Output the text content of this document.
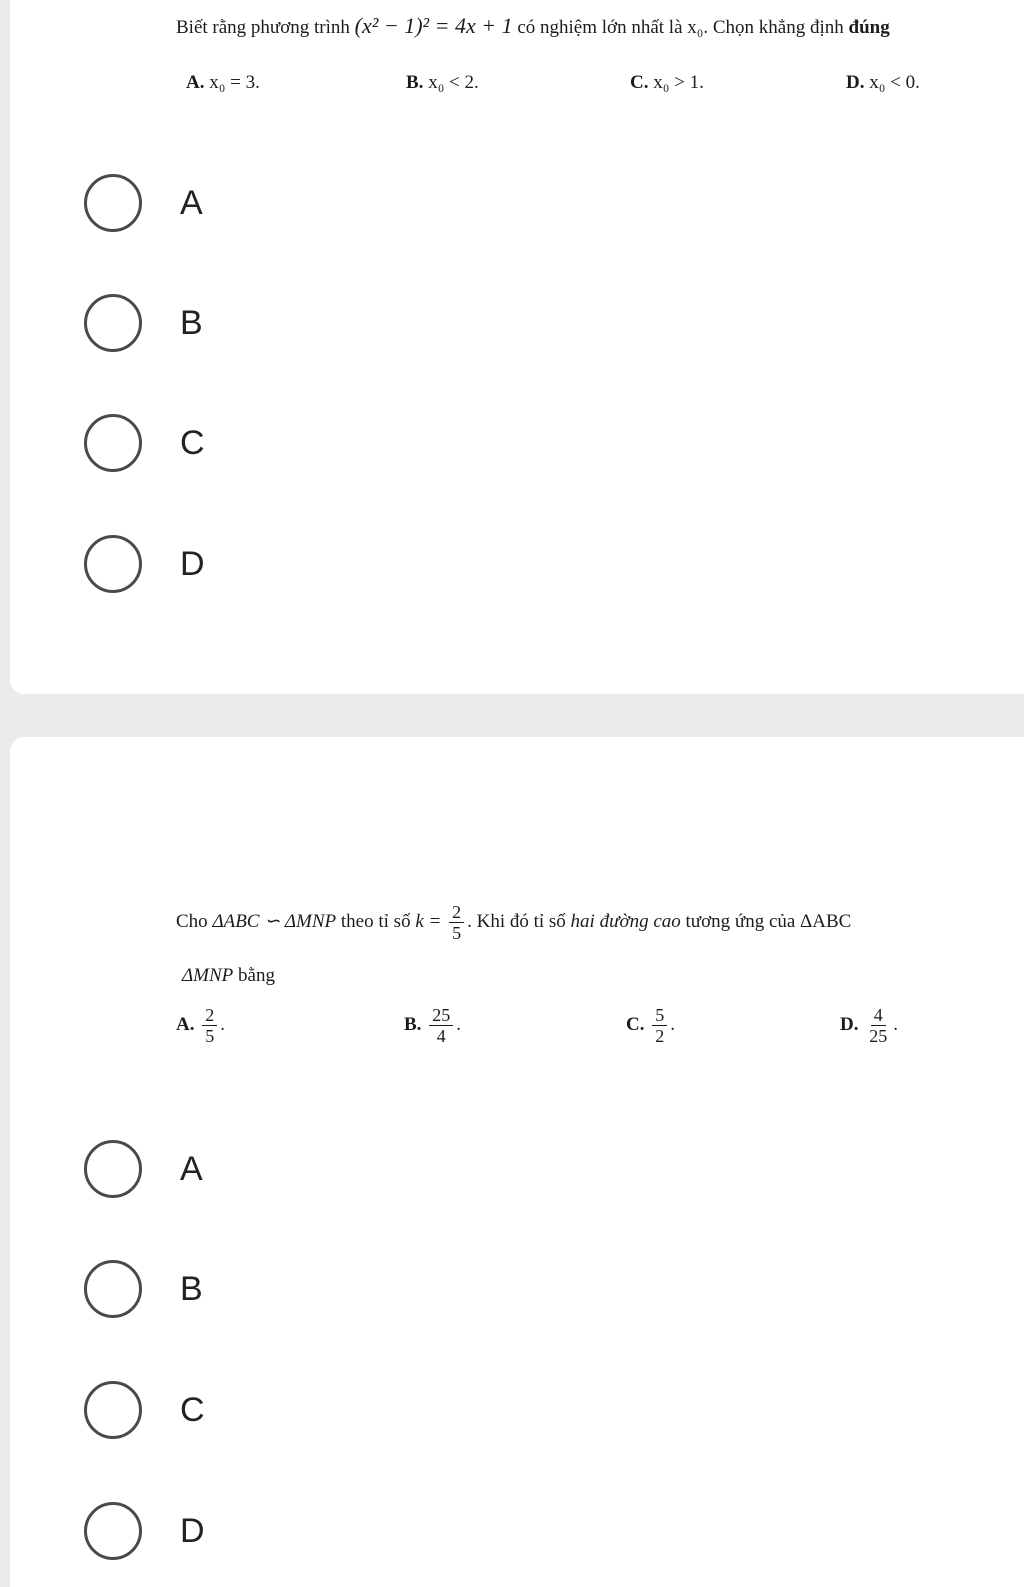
Biết rằng phương trình (x² − 1)² = 4x + 1 có nghiệm lớn nhất là x₀. Chọn khẳng định đúng
A. x₀ = 3.	B. x₀ < 2.	C. x₀ > 1.	D. x₀ < 0.
A
B
C
D
Cho ΔABC ∽ ΔMNP theo tỉ số $k = \frac{2}{5}$ . Khi đó tỉ số hai đường cao tương ứng của ΔABC
ΔMNP bằng
A. $\frac{2}{5}$ .	B. $\frac{25}{4}$ .	C. $\frac{5}{2}$ .	D. $\frac{4}{25}$ .
A
B
C
D
